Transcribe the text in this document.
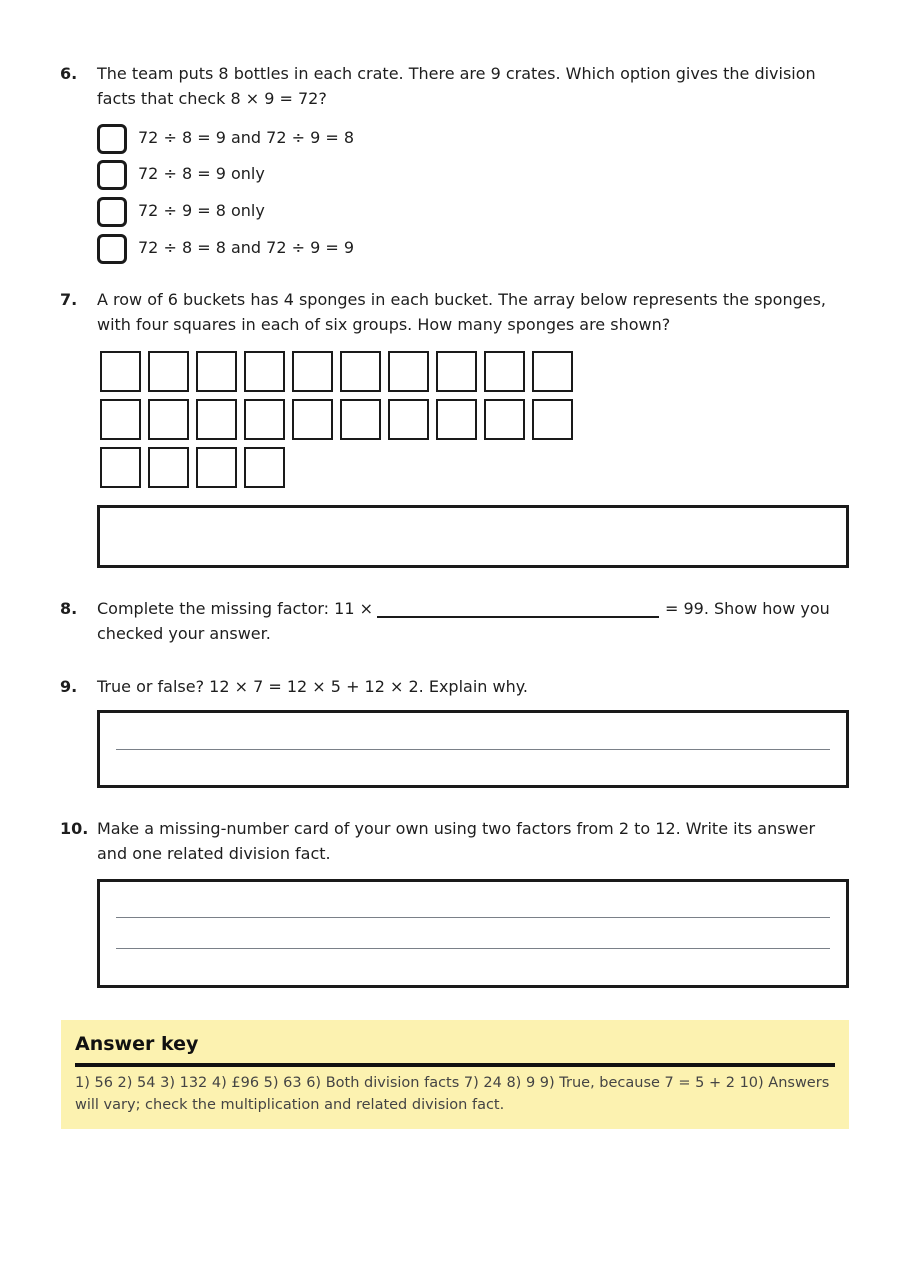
6. The team puts 8 bottles in each crate. There are 9 crates. Which option gives the division facts that check 8 × 9 = 72?
72 ÷ 8 = 9 and 72 ÷ 9 = 8
72 ÷ 8 = 9 only
72 ÷ 9 = 8 only
72 ÷ 8 = 8 and 72 ÷ 9 = 9
7. A row of 6 buckets has 4 sponges in each bucket. The array below represents the sponges, with four squares in each of six groups. How many sponges are shown?
8. Complete the missing factor: 11 ×	= 99. Show how you
checked your answer.
9. True or false? 12 × 7 = 12 × 5 + 12 × 2. Explain why.
10. Make a missing-number card of your own using two factors from 2 to 12. Write its answer and one related division fact.
Answer key
1) 56 2) 54 3) 132 4) £96 5) 63 6) Both division facts 7) 24 8) 9 9) True, because 7 = 5 + 2 10) Answers will vary; check the multiplication and related division fact.
